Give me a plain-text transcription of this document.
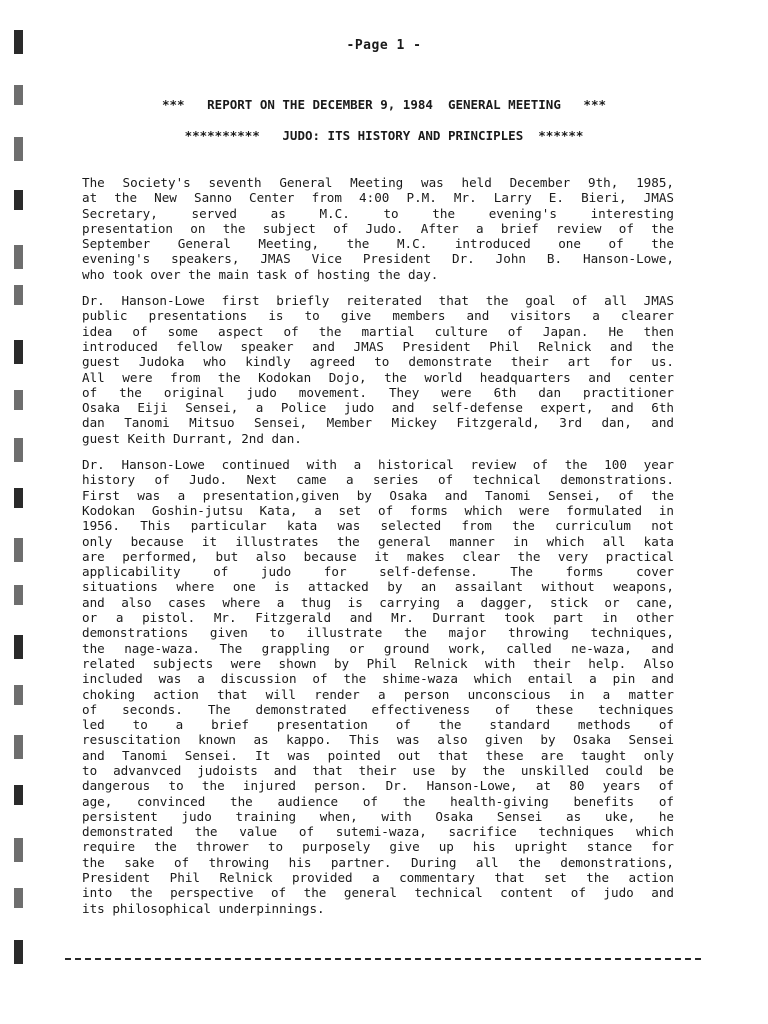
-Page 1 -
***   REPORT ON THE DECEMBER 9, 1984  GENERAL MEETING   ***
**********   JUDO: ITS HISTORY AND PRINCIPLES  ******
The Society's seventh General Meeting was held December 9th, 1985,
at the New Sanno Center from 4:00 P.M. Mr. Larry E. Bieri, JMAS
Secretary, served as M.C. to the evening's interesting
presentation on the subject of Judo. After a brief review of the
September General Meeting, the M.C. introduced one of the
evening's speakers, JMAS Vice President Dr. John B. Hanson-Lowe,
who took over the main task of hosting the day.
Dr. Hanson-Lowe first briefly reiterated that the goal of all JMAS
public presentations is to give members and visitors a clearer
idea of some aspect of the martial culture of Japan. He then
introduced fellow speaker and JMAS President Phil Relnick and the
guest Judoka who kindly agreed to demonstrate their art for us.
All were from the Kodokan Dojo, the world headquarters and center
of the original judo movement. They were 6th dan practitioner
Osaka Eiji Sensei, a Police judo and self-defense expert, and 6th
dan Tanomi Mitsuo Sensei, Member Mickey Fitzgerald, 3rd dan, and
guest Keith Durrant, 2nd dan.
Dr. Hanson-Lowe continued with a historical review of the 100 year
history of Judo. Next came a series of technical demonstrations.
First was a presentation,given by Osaka and Tanomi Sensei, of the
Kodokan Goshin-jutsu Kata, a set of forms which were formulated in
1956. This particular kata was selected from the curriculum not
only because it illustrates the general manner in which all kata
are performed, but also because it makes clear the very practical
applicability of judo for self-defense. The forms cover
situations where one is attacked by an assailant without weapons,
and also cases where a thug is carrying a dagger, stick or cane,
or a pistol. Mr. Fitzgerald and Mr. Durrant took part in other
demonstrations given to illustrate the major throwing techniques,
the nage-waza. The grappling or ground work, called ne-waza, and
related subjects were shown by Phil Relnick with their help. Also
included was a discussion of the shime-waza which entail a pin and
choking action that will render a person unconscious in a matter
of seconds. The demonstrated effectiveness of these techniques
led to a brief presentation of the standard methods of
resuscitation known as kappo. This was also given by Osaka Sensei
and Tanomi Sensei. It was pointed out that these are taught only
to advanvced judoists and that their use by the unskilled could be
dangerous to the injured person. Dr. Hanson-Lowe, at 80 years of
age, convinced the audience of the health-giving benefits of
persistent judo training when, with Osaka Sensei as uke, he
demonstrated the value of sutemi-waza, sacrifice techniques which
require the thrower to purposely give up his upright stance for
the sake of throwing his partner. During all the demonstrations,
President Phil Relnick provided a commentary that set the action
into the perspective of the general technical content of judo and
its philosophical underpinnings.
